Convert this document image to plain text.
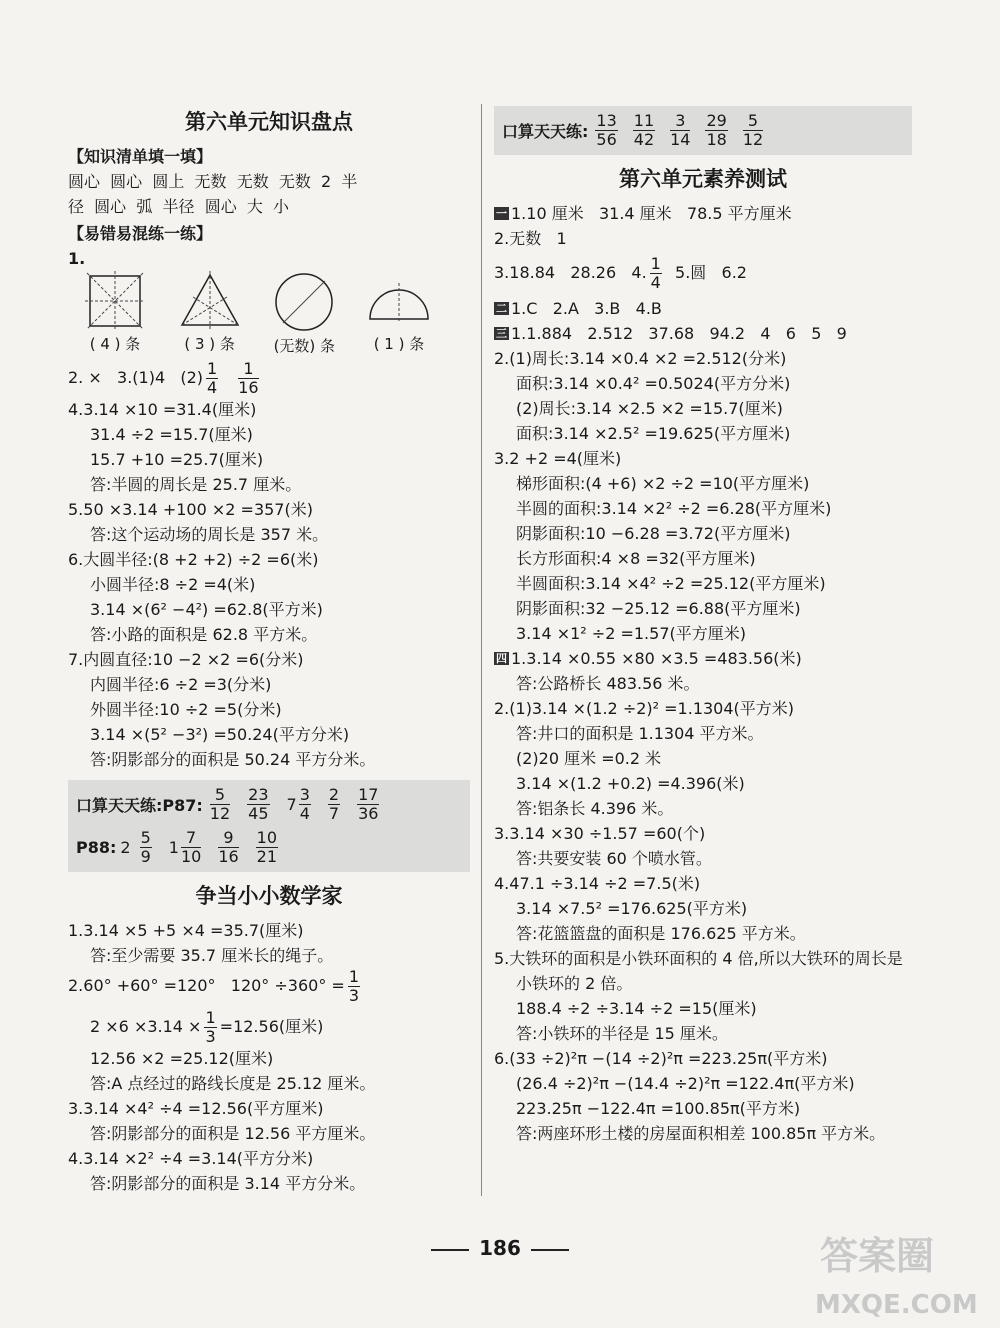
第六单元知识盘点
【知识清单填一填】
圆心  圆心  圆上  无数  无数  无数  2  半
径  圆心  弧  半径  圆心  大  小
【易错易混练一练】
1.
( 4 ) 条	( 3 ) 条	(无数) 条	( 1 ) 条
2. ×   3.(1)4   $(2) \frac{1}{4} \frac{1}{16}$
4.3.14 ×10 =31.4(厘米)
31.4 ÷2 =15.7(厘米)
15.7 +10 =25.7(厘米)
答:半圆的周长是 25.7 厘米。
5.50 ×3.14 +100 ×2 =357(米)
答:这个运动场的周长是 357 米。
6.大圆半径:(8 +2 +2) ÷2 =6(米)
小圆半径:8 ÷2 =4(米)
3.14 ×(6² −4²) =62.8(平方米)
答:小路的面积是 62.8 平方米。
7.内圆直径:10 −2 ×2 =6(分米)
内圆半径:6 ÷2 =3(分米)
外圆半径:10 ÷2 =5(分米)
3.14 ×(5² −3²) =50.24(平方分米)
答:阴影部分的面积是 50.24 平方分米。
口算天天练:P87: $\frac{5}{12} \frac{23}{45} 7 \frac{3}{4} \frac{2}{7} \frac{17}{36}$
P88: $2 \frac{5}{9} 1 \frac{7}{10} \frac{9}{16} \frac{10}{21}$
争当小小数学家
1.3.14 ×5 +5 ×4 =35.7(厘米)
答:至少需要 35.7 厘米长的绳子。
2.60° +60° =120°   $120^\circ \div 360^\circ = \frac{1}{3}$
$2 \times 6 \times 3.14 \times \frac{1}{3} =12.56$(厘米)
12.56 ×2 =25.12(厘米)
答:A 点经过的路线长度是 25.12 厘米。
3.3.14 ×4² ÷4 =12.56(平方厘米)
答:阴影部分的面积是 12.56 平方厘米。
4.3.14 ×2² ÷4 =3.14(平方分米)
答:阴影部分的面积是 3.14 平方分米。
口算天天练: $\frac{13}{56} \frac{11}{42} \frac{3}{14} \frac{29}{18} \frac{5}{12}$
第六单元素养测试
一 1.10 厘米   31.4 厘米   78.5 平方厘米
2.无数   1
3.18.84   28.26   4. $\frac{1}{4} 5$.圆   6.2
二 1.C   2.A   3.B   4.B
三 1.1.884   2.512   37.68   94.2   4   6   5   9
2.(1)周长:3.14 ×0.4 ×2 =2.512(分米)
面积:3.14 ×0.4² =0.5024(平方分米)
(2)周长:3.14 ×2.5 ×2 =15.7(厘米)
面积:3.14 ×2.5² =19.625(平方厘米)
3.2 +2 =4(厘米)
梯形面积:(4 +6) ×2 ÷2 =10(平方厘米)
半圆的面积:3.14 ×2² ÷2 =6.28(平方厘米)
阴影面积:10 −6.28 =3.72(平方厘米)
长方形面积:4 ×8 =32(平方厘米)
半圆面积:3.14 ×4² ÷2 =25.12(平方厘米)
阴影面积:32 −25.12 =6.88(平方厘米)
3.14 ×1² ÷2 =1.57(平方厘米)
四 1.3.14 ×0.55 ×80 ×3.5 =483.56(米)
答:公路桥长 483.56 米。
2.(1)3.14 ×(1.2 ÷2)² =1.1304(平方米)
答:井口的面积是 1.1304 平方米。
(2)20 厘米 =0.2 米
3.14 ×(1.2 +0.2) =4.396(米)
答:铝条长 4.396 米。
3.3.14 ×30 ÷1.57 =60(个)
答:共要安装 60 个喷水管。
4.47.1 ÷3.14 ÷2 =7.5(米)
3.14 ×7.5² =176.625(平方米)
答:花篮篮盘的面积是 176.625 平方米。
5.大铁环的面积是小铁环面积的 4 倍,所以大铁环的周长是小铁环的 2 倍。
188.4 ÷2 ÷3.14 ÷2 =15(厘米)
答:小铁环的半径是 15 厘米。
6.(33 ÷2)²π −(14 ÷2)²π =223.25π(平方米)
(26.4 ÷2)²π −(14.4 ÷2)²π =122.4π(平方米)
223.25π −122.4π =100.85π(平方米)
答:两座环形土楼的房屋面积相差 100.85π 平方米。
186	答案圈
MXQE.COM
